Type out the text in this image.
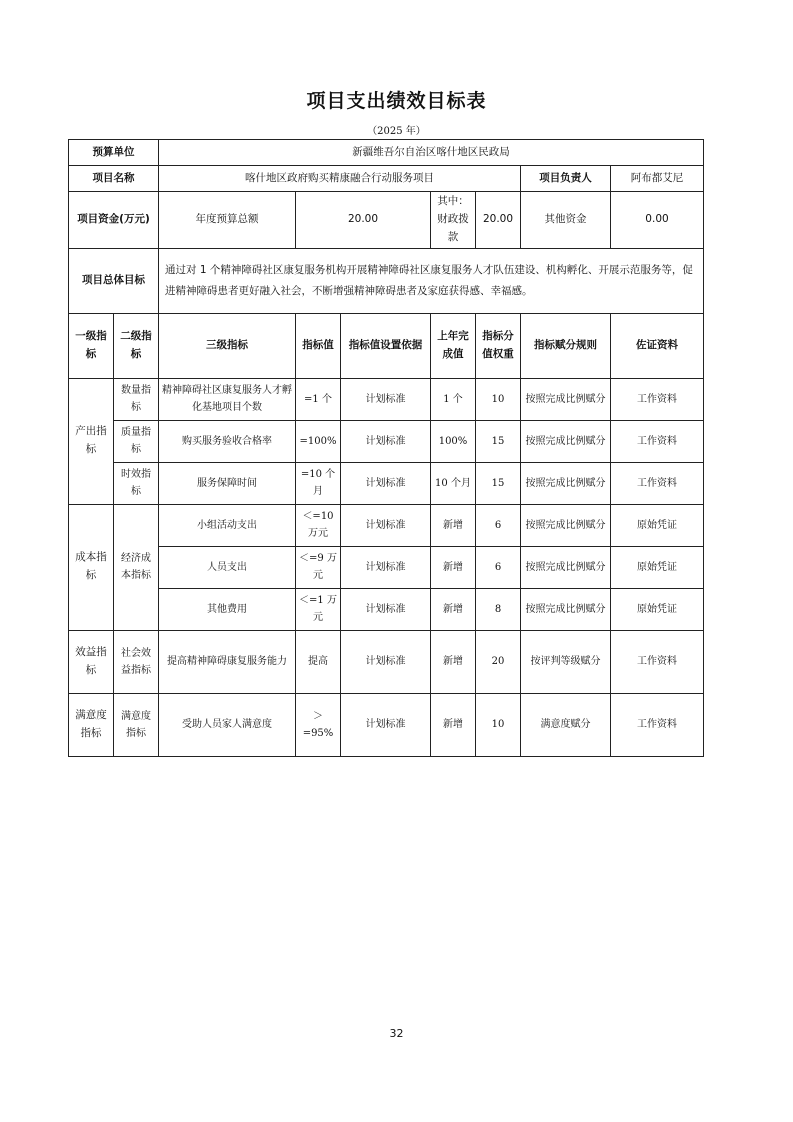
项目支出绩效目标表
（2025 年）
预算单位		新疆维吾尔自治区喀什地区民政局						
项目名称		喀什地区政府购买精康融合行动服务项目					项目负责人	阿布都艾尼
项目资金(万元)		年度预算总额	20.00		其中：财政拨款	20.00	其他资金	0.00
项目总体目标		通过对 1 个精神障碍社区康复服务机构开展精神障碍社区康复服务人才队伍建设、机构孵化、开展示范服务等，促进精神障碍患者更好融入社会，不断增强精神障碍患者及家庭获得感、幸福感。						
一级指标	二级指标	三级指标	指标值	指标值设置依据	上年完成值	指标分值权重	指标赋分规则	佐证资料
产出指标	数量指标	精神障碍社区康复服务人才孵化基地项目个数	=1 个	计划标准	1 个	10	按照完成比例赋分	工作资料
	质量指标	购买服务验收合格率	=100%	计划标准	100%	15	按照完成比例赋分	工作资料
	时效指标	服务保障时间	=10 个月	计划标准	10 个月	15	按照完成比例赋分	工作资料
成本指标	经济成本指标	小组活动支出	＜=10 万元	计划标准	新增	6	按照完成比例赋分	原始凭证
		人员支出	＜=9 万元	计划标准	新增	6	按照完成比例赋分	原始凭证
		其他费用	＜=1 万元	计划标准	新增	8	按照完成比例赋分	原始凭证
效益指标	社会效益指标	提高精神障碍康复服务能力	提高	计划标准	新增	20	按评判等级赋分	工作资料
满意度指标	满意度指标	受助人员家人满意度	＞=95%	计划标准	新增	10	满意度赋分	工作资料
32
